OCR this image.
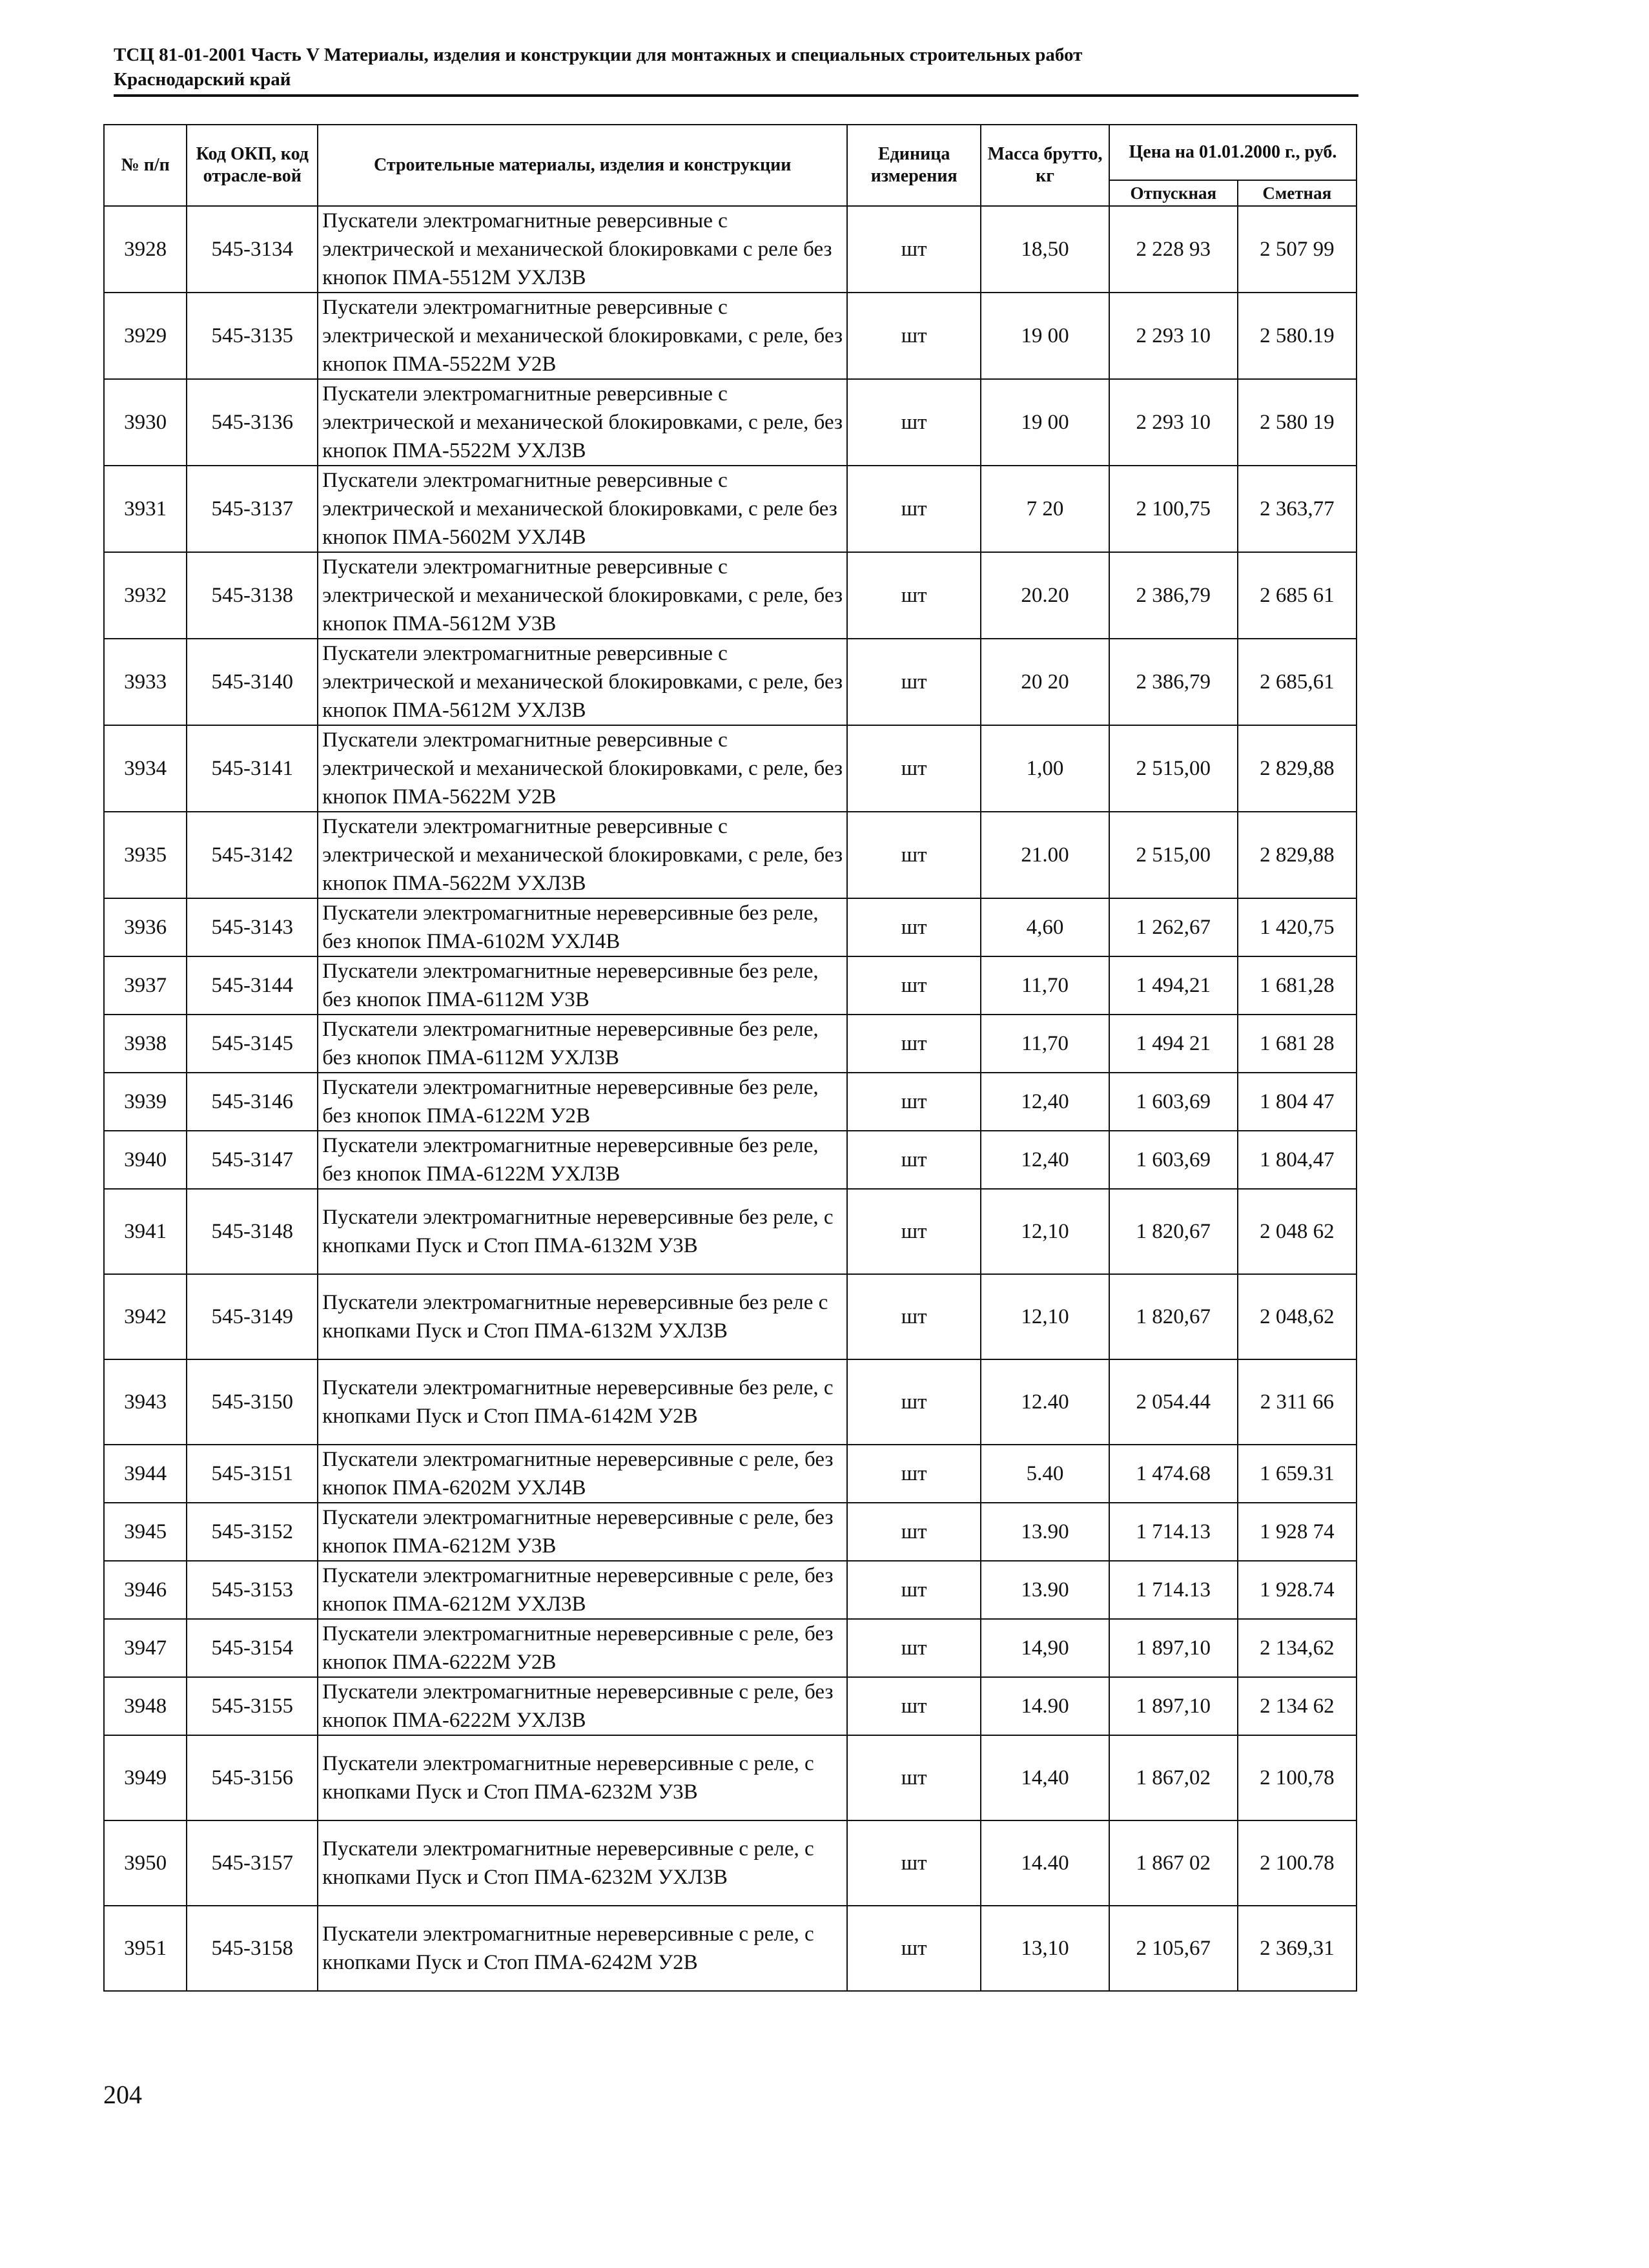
ТСЦ 81-01-2001 Часть V Материалы, изделия и конструкции для монтажных и специальных строительных работ
Краснодарский край
№ п/п	Код ОКП, код отрасле-вой	Строительные материалы, изделия и конструкции	Единица измерения	Масса брутто, кг	Цена на 01.01.2000 г., руб.	
					Отпускная	Сметная
3928	545-3134	Пускатели электромагнитные реверсивные с электрической и механической блокировками с реле без кнопок ПМА-5512М УХЛ3В	шт	18,50	2 228 93	2 507 99
3929	545-3135	Пускатели электромагнитные реверсивные с электрической и механической блокировками, с реле, без кнопок ПМА-5522М У2В	шт	19 00	2 293 10	2 580.19
3930	545-3136	Пускатели электромагнитные реверсивные с электрической и механической блокировками, с реле, без кнопок ПМА-5522М УХЛ3В	шт	19 00	2 293 10	2 580 19
3931	545-3137	Пускатели электромагнитные реверсивные с электрической и механической блокировками, с реле без кнопок ПМА-5602М УХЛ4В	шт	7 20	2 100,75	2 363,77
3932	545-3138	Пускатели электромагнитные реверсивные с электрической и механической блокировками, с реле, без кнопок ПМА-5612М У3В	шт	20.20	2 386,79	2 685 61
3933	545-3140	Пускатели электромагнитные реверсивные с электрической и механической блокировками, с реле, без кнопок ПМА-5612М УХЛ3В	шт	20 20	2 386,79	2 685,61
3934	545-3141	Пускатели электромагнитные реверсивные с электрической и механической блокировками, с реле, без кнопок ПМА-5622М У2В	шт	1,00	2 515,00	2 829,88
3935	545-3142	Пускатели электромагнитные реверсивные с электрической и механической блокировками, с реле, без кнопок ПМА-5622М УХЛ3В	шт	21.00	2 515,00	2 829,88
3936	545-3143	Пускатели электромагнитные нереверсивные без реле, без кнопок ПМА-6102М УХЛ4В	шт	4,60	1 262,67	1 420,75
3937	545-3144	Пускатели электромагнитные нереверсивные без реле, без кнопок ПМА-6112М У3В	шт	11,70	1 494,21	1 681,28
3938	545-3145	Пускатели электромагнитные нереверсивные без реле, без кнопок ПМА-6112М УХЛ3В	шт	11,70	1 494 21	1 681 28
3939	545-3146	Пускатели электромагнитные нереверсивные без реле, без кнопок ПМА-6122М У2В	шт	12,40	1 603,69	1 804 47
3940	545-3147	Пускатели электромагнитные нереверсивные без реле, без кнопок ПМА-6122М УХЛ3В	шт	12,40	1 603,69	1 804,47
3941	545-3148	Пускатели электромагнитные нереверсивные без реле, с кнопками Пуск и Стоп ПМА-6132М У3В	шт	12,10	1 820,67	2 048 62
3942	545-3149	Пускатели электромагнитные нереверсивные без реле с кнопками Пуск и Стоп ПМА-6132М УХЛ3В	шт	12,10	1 820,67	2 048,62
3943	545-3150	Пускатели электромагнитные нереверсивные без реле, с кнопками Пуск и Стоп ПМА-6142М У2В	шт	12.40	2 054.44	2 311 66
3944	545-3151	Пускатели электромагнитные нереверсивные с реле, без кнопок ПМА-6202М УХЛ4В	шт	5.40	1 474.68	1 659.31
3945	545-3152	Пускатели электромагнитные нереверсивные с реле, без кнопок ПМА-6212М У3В	шт	13.90	1 714.13	1 928 74
3946	545-3153	Пускатели электромагнитные нереверсивные с реле, без кнопок ПМА-6212М УХЛ3В	шт	13.90	1 714.13	1 928.74
3947	545-3154	Пускатели электромагнитные нереверсивные с реле, без кнопок ПМА-6222М У2В	шт	14,90	1 897,10	2 134,62
3948	545-3155	Пускатели электромагнитные нереверсивные с реле, без кнопок ПМА-6222М УХЛ3В	шт	14.90	1 897,10	2 134 62
3949	545-3156	Пускатели электромагнитные нереверсивные с реле, с кнопками Пуск и Стоп ПМА-6232М У3В	шт	14,40	1 867,02	2 100,78
3950	545-3157	Пускатели электромагнитные нереверсивные с реле, с кнопками Пуск и Стоп ПМА-6232М УХЛ3В	шт	14.40	1 867 02	2 100.78
3951	545-3158	Пускатели электромагнитные нереверсивные с реле, с кнопками Пуск и Стоп ПМА-6242М У2В	шт	13,10	2 105,67	2 369,31
204
